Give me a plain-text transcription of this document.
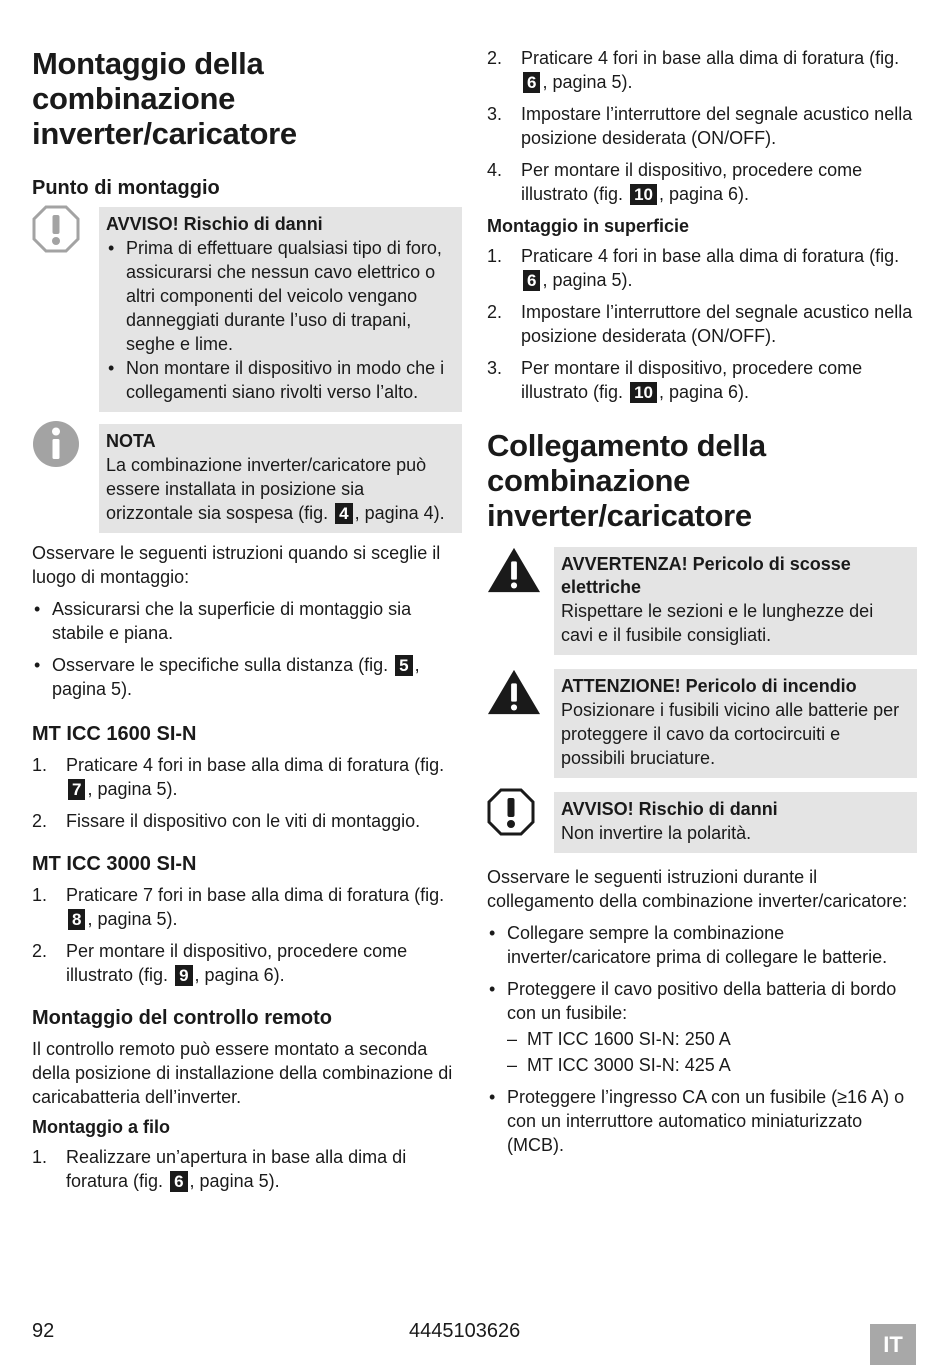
Montaggio della combinazione inverter/caricatore
Punto di montaggio
AVVISO! Rischio di danni
• Prima di effettuare qualsiasi tipo di foro, assicurarsi che nessun cavo elettrico o altri componenti del veicolo vengano danneggiati durante l’uso di trapani, seghe e lime.
• Non montare il dispositivo in modo che i collegamenti siano rivolti verso l’alto.
NOTA
La combinazione inverter/caricatore può essere installata in posizione sia orizzontale sia sospesa (fig. 4 , pagina 4).

Osservare le seguenti istruzioni quando si sceglie il luogo di montaggio:

• Assicurarsi che la superficie di montaggio sia stabile e piana.
• Osservare le specifiche sulla distanza (fig. 5 , pagina 5).
MT ICC 1600 SI-N
1. Praticare 4 fori in base alla dima di foratura (fig. 7 , pagina 5).
2. Fissare il dispositivo con le viti di montaggio.
MT ICC 3000 SI-N
1. Praticare 7 fori in base alla dima di foratura (fig. 8 , pagina 5).
2. Per montare il dispositivo, procedere come illustrato (fig. 9 , pagina 6).
Montaggio del controllo remoto

Il controllo remoto può essere montato a seconda della posizione di installazione della combinazione di caricabatteria dell’inverter.

Montaggio a filo
1. Realizzare un’apertura in base alla dima di foratura (fig. 6 , pagina 5).
2. Praticare 4 fori in base alla dima di foratura (fig. 6 , pagina 5).
3. Impostare l’interruttore del segnale acustico nella posizione desiderata (ON/OFF).
4. Per montare il dispositivo, procedere come illustrato (fig. 10 , pagina 6).
Montaggio in superficie
1. Praticare 4 fori in base alla dima di foratura (fig. 6 , pagina 5).
2. Impostare l’interruttore del segnale acustico nella posizione desiderata (ON/OFF).
3. Per montare il dispositivo, procedere come illustrato (fig. 10 , pagina 6).
Collegamento della combinazione inverter/caricatore
AVVERTENZA! Pericolo di scosse elettriche
Rispettare le sezioni e le lunghezze dei cavi e il fusibile consigliati.
ATTENZIONE! Pericolo di incendio
Posizionare i fusibili vicino alle batterie per proteggere il cavo da cortocircuiti e possibili bruciature.
AVVISO! Rischio di danni
Non invertire la polarità.

Osservare le seguenti istruzioni durante il collegamento della combinazione inverter/caricatore:

• Collegare sempre la combinazione inverter/caricatore prima di collegare le batterie.
• Proteggere il cavo positivo della batteria di bordo con un fusibile:
– MT ICC 1600 SI-N: 250 A
– MT ICC 3000 SI-N: 425 A
• Proteggere l’ingresso CA con un fusibile (≥16 A) o con un interruttore automatico miniaturizzato (MCB).
92	4445103626
IT
